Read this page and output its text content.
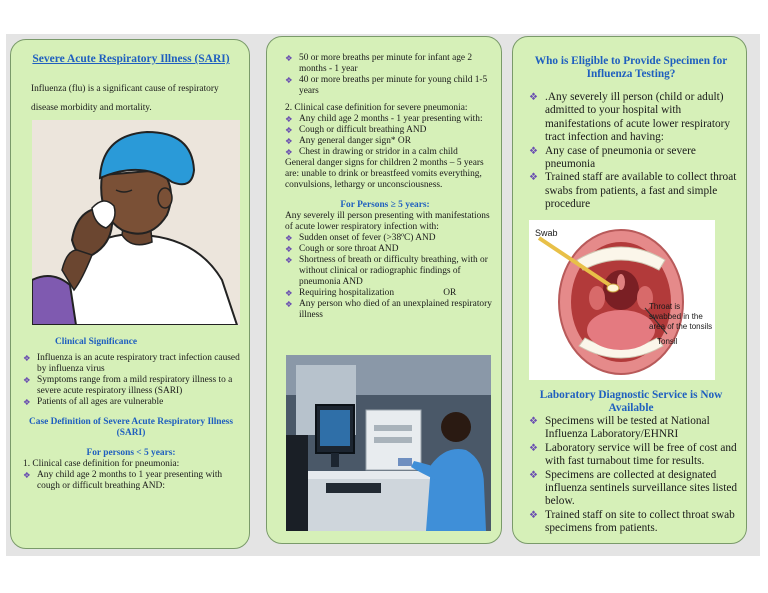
Severe Acute Respiratory Illness (SARI)
Influenza (flu) is a significant cause of respiratory disease morbidity and mortality.
Clinical Significance
❖ Influenza is an acute respiratory tract infection caused by influenza virus
❖ Symptoms range from a mild respiratory illness to a severe acute respiratory illness (SARI)
❖ Patients of all ages are vulnerable
Case Definition of Severe Acute Respiratory Illness (SARI)
For persons < 5 years:
1. Clinical case definition for pneumonia:
❖ Any child age 2 months to 1 year presenting with cough or difficult breathing AND:
❖ 50 or more breaths per minute for infant age 2 months - 1 year
❖ 40 or more breaths per minute for young child 1-5 years
2. Clinical case definition for severe pneumonia:
❖ Any child age 2 months - 1 year presenting with:
❖ Cough or difficult breathing AND
❖ Any general danger sign* OR
❖ Chest in drawing or stridor in a calm child
General danger signs for children 2 months – 5 years are: unable to drink or breastfeed vomits everything, convulsions, lethargy or unconsciousness.
For Persons ≥ 5 years:
Any severely ill person presenting with manifestations of acute lower respiratory infection with:
❖ Sudden onset of fever (>38ºC) AND
❖ Cough or sore throat AND
❖ Shortness of breath or difficulty breathing, with or without clinical or radiographic findings of pneumonia AND
❖ Requiring hospitalization                     OR
❖ Any person who died of an unexplained respiratory illness
Who is Eligible to Provide Specimen for Influenza Testing?
❖ .Any severely ill person (child or adult) admitted to your hospital with manifestations of acute lower respiratory tract infection and having:
❖ Any case of pneumonia or severe pneumonia
❖ Trained staff are available to collect throat swabs from patients, a fast and simple procedure
Swab
Throat is swabbed in the area of the tonsils
Tonsil
Laboratory Diagnostic Service is Now Available
❖ Specimens will be tested at National Influenza Laboratory/EHNRI
❖ Laboratory service will be free of cost and with fast turnabout time for results.
❖ Specimens are collected at designated influenza sentinels surveillance sites listed below.
❖ Trained staff on site to collect throat swab specimens from patients.
